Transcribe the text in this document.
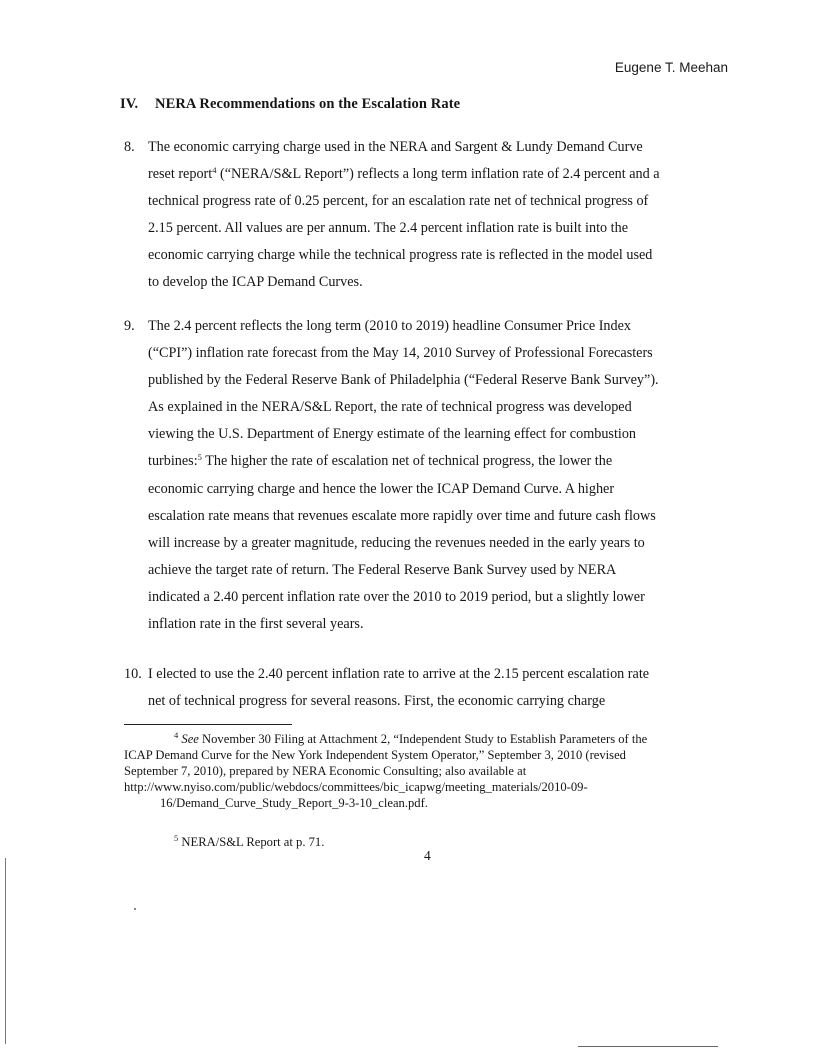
Eugene T. Meehan
IV. NERA Recommendations on the Escalation Rate
8. The economic carrying charge used in the NERA and Sargent & Lundy Demand Curve
reset report$^4$ (“NERA/S&L Report”) reflects a long term inflation rate of 2.4 percent and a
technical progress rate of 0.25 percent, for an escalation rate net of technical progress of
2.15 percent. All values are per annum. The 2.4 percent inflation rate is built into the
economic carrying charge while the technical progress rate is reflected in the model used
to develop the ICAP Demand Curves.
9. The 2.4 percent reflects the long term (2010 to 2019) headline Consumer Price Index
(“CPI”) inflation rate forecast from the May 14, 2010 Survey of Professional Forecasters
published by the Federal Reserve Bank of Philadelphia (“Federal Reserve Bank Survey”).
As explained in the NERA/S&L Report, the rate of technical progress was developed
viewing the U.S. Department of Energy estimate of the learning effect for combustion
turbines:$^5$ The higher the rate of escalation net of technical progress, the lower the
economic carrying charge and hence the lower the ICAP Demand Curve. A higher
escalation rate means that revenues escalate more rapidly over time and future cash flows
will increase by a greater magnitude, reducing the revenues needed in the early years to
achieve the target rate of return. The Federal Reserve Bank Survey used by NERA
indicated a 2.40 percent inflation rate over the 2010 to 2019 period, but a slightly lower
inflation rate in the first several years.
10. I elected to use the 2.40 percent inflation rate to arrive at the 2.15 percent escalation rate
net of technical progress for several reasons. First, the economic carrying charge
$^4$ See November 30 Filing at Attachment 2, “Independent Study to Establish Parameters of the
ICAP Demand Curve for the New York Independent System Operator,” September 3, 2010 (revised
September 7, 2010), prepared by NERA Economic Consulting; also available at
http://www.nyiso.com/public/webdocs/committees/bic_icapwg/meeting_materials/2010-09-
16/Demand_Curve_Study_Report_9-3-10_clean.pdf.
$^5$ NERA/S&L Report at p. 71.
4
